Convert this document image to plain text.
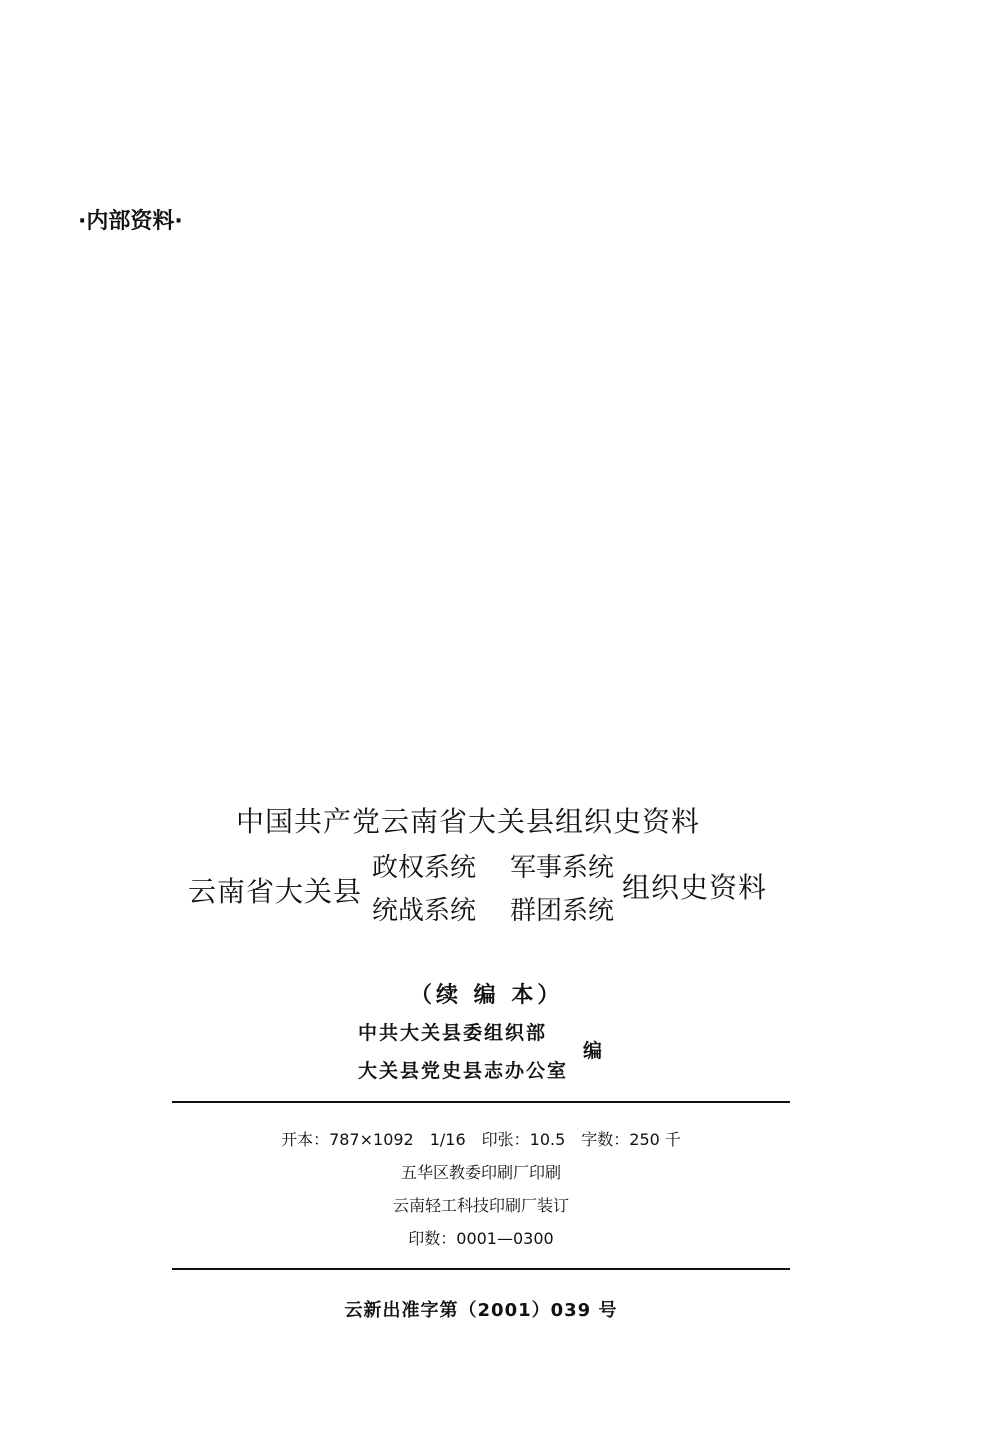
·内部资料·
中国共产党云南省大关县组织史资料
云南省大关县
政权系统 军事系统
统战系统 群团系统
组织史资料
（续 编 本）
中共大关县委组织部
大关县党史县志办公室
编
开本：787×1092　1/16　印张：10.5　字数：250 千
五华区教委印刷厂印刷
云南轻工科技印刷厂装订
印数：0001—0300
云新出准字第（2001）039 号
